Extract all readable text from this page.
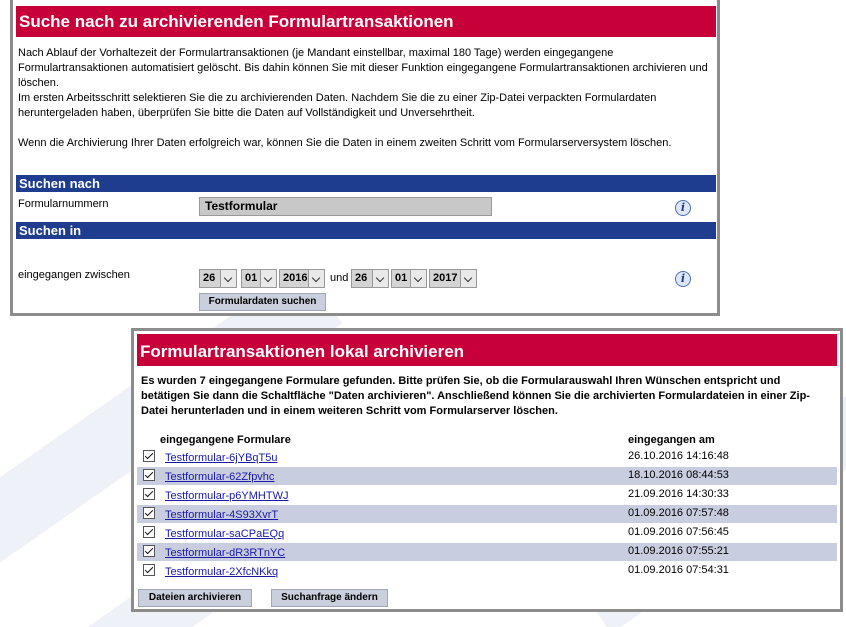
Suche nach zu archivierenden Formulartransaktionen
Nach Ablauf der Vorhaltezeit der Formulartransaktionen (je Mandant einstellbar, maximal 180 Tage) werden eingegangene Formulartransaktionen automatisiert gelöscht. Bis dahin können Sie mit dieser Funktion eingegangene Formulartransaktionen archivieren und löschen.
Im ersten Arbeitsschritt selektieren Sie die zu archivierenden Daten. Nachdem Sie die zu einer Zip-Datei verpackten Formulardaten heruntergeladen haben, überprüfen Sie bitte die Daten auf Vollständigkeit und Unversehrtheit.
Wenn die Archivierung Ihrer Daten erfolgreich war, können Sie die Daten in einem zweiten Schritt vom Formularserversystem löschen.
Suchen nach
Formularnummern	Testformular	i
Suchen in
eingegangen zwischen	26	01 2016 und 26	01 2017	i
Formulardaten suchen
Formulartransaktionen lokal archivieren
Es wurden 7 eingegangene Formulare gefunden. Bitte prüfen Sie, ob die Formularauswahl Ihren Wünschen entspricht und betätigen Sie dann die Schaltfläche "Daten archivieren". Anschließend können Sie die archivierten Formulardateien in einer Zip-Datei herunterladen und in einem weiteren Schritt vom Formularserver löschen.
eingegangene Formulare	eingegangen am
Testformular-6jYBqT5u	26.10.2016 14:16:48
Testformular-62Zfpvhc	18.10.2016 08:44:53
Testformular-p6YMHTWJ	21.09.2016 14:30:33
Testformular-4S93XvrT	01.09.2016 07:57:48
Testformular-saCPaEQq	01.09.2016 07:56:45
Testformular-dR3RTnYC	01.09.2016 07:55:21
Testformular-2XfcNKkq	01.09.2016 07:54:31
Dateien archivieren	Suchanfrage ändern
